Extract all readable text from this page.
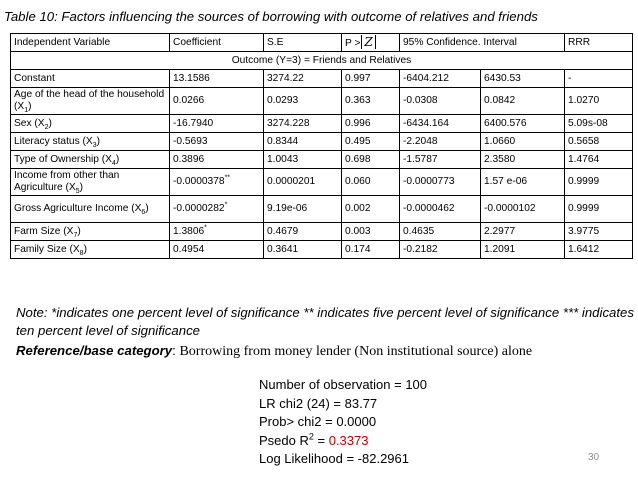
Table 10: Factors influencing the sources of borrowing with outcome of relatives and friends
Independent Variable	Coefficient	S.E	P > Z	95% Confidence. Interval		RRR
Outcome (Y=3) = Friends and Relatives						
Constant	13.1586	3274.22	0.997	-6404.212	6430.53	-
Age of the head of the household $(X_1)$	0.0266	0.0293	0.363	-0.0308	0.0842	1.0270
Sex $(X_2)$	-16.7940	3274.228	0.996	-6434.164	6400.576	5.09s-08
Literacy status $(X_3)$	-0.5693	0.8344	0.495	-2.2048	1.0660	0.5658
Type of Ownership $(X_4)$	0.3896	1.0043	0.698	-1.5787	2.3580	1.4764
Income from other than Agriculture $(X_5)$	-0.0000378**	0.0000201	0.060	-0.0000773	1.57 e-06	0.9999
Gross Agriculture Income $(X_6)$	-0.0000282*	9.19e-06	0.002	-0.0000462	-0.0000102	0.9999
Farm Size $(X_7)$	1.3806*	0.4679	0.003	0.4635	2.2977	3.9775
Family Size $(X_8)$	0.4954	0.3641	0.174	-0.2182	1.2091	1.6412
Note: *indicates one percent level of significance ** indicates five percent level of significance *** indicates ten percent level of significance
Reference/base category: Borrowing from money lender (Non institutional source) alone
Number of observation = 100
LR chi2 (24) = 83.77
Prob> chi2 = 0.0000
Psedo $R^2 = 0.3373$
Log Likelihood = -82.2961	30
